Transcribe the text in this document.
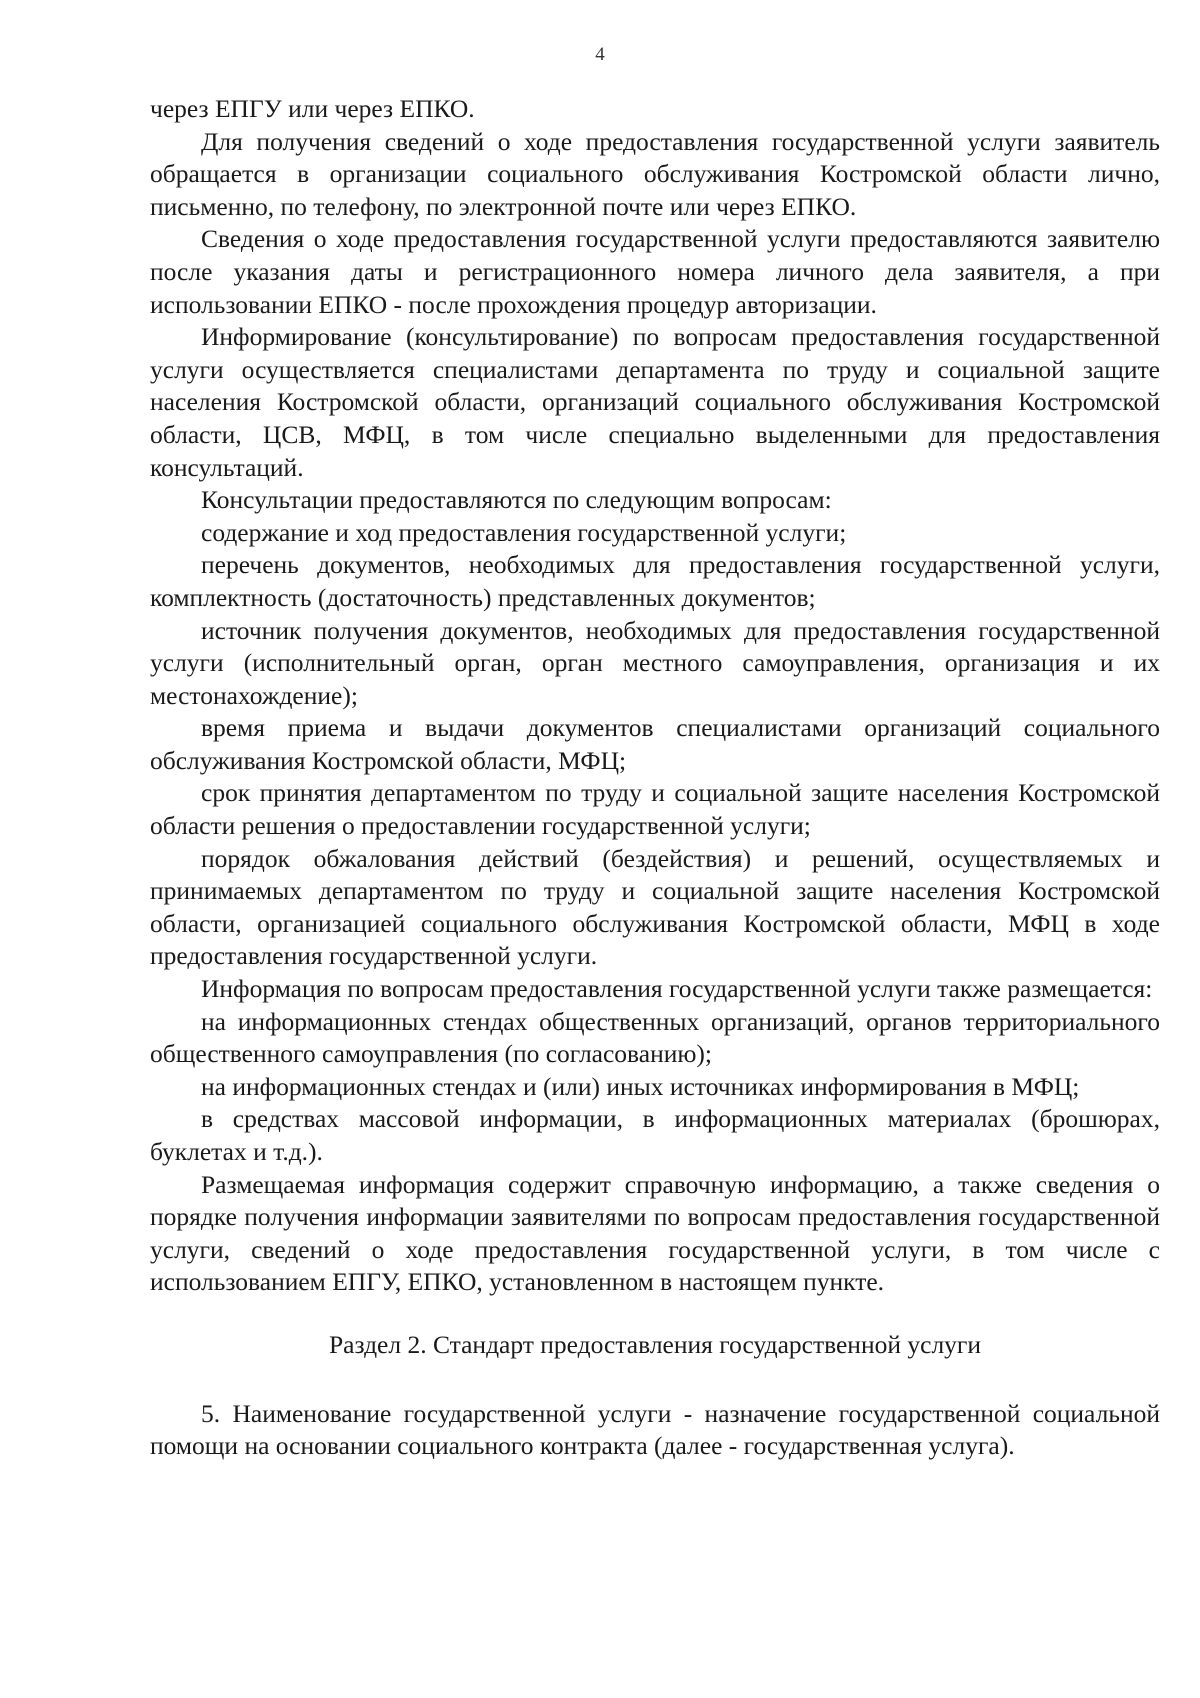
4

через ЕПГУ или через ЕПКО.

Для получения сведений о ходе предоставления государственной услуги заявитель обращается в организации социального обслуживания Костромской области лично, письменно, по телефону, по электронной почте или через ЕПКО.

Сведения о ходе предоставления государственной услуги предоставляются заявителю после указания даты и регистрационного номера личного дела заявителя, а при использовании ЕПКО - после прохождения процедур авторизации.

Информирование (консультирование) по вопросам предоставления государственной услуги осуществляется специалистами департамента по труду и социальной защите населения Костромской области, организаций социального обслуживания Костромской области, ЦСВ, МФЦ, в том числе специально выделенными для предоставления консультаций.

Консультации предоставляются по следующим вопросам:

содержание и ход предоставления государственной услуги;

перечень документов, необходимых для предоставления государственной услуги, комплектность (достаточность) представленных документов;

источник получения документов, необходимых для предоставления государственной услуги (исполнительный орган, орган местного самоуправления, организация и их местонахождение);

время приема и выдачи документов специалистами организаций социального обслуживания Костромской области, МФЦ;

срок принятия департаментом по труду и социальной защите населения Костромской области решения о предоставлении государственной услуги;

порядок обжалования действий (бездействия) и решений, осуществляемых и принимаемых департаментом по труду и социальной защите населения Костромской области, организацией социального обслуживания Костромской области, МФЦ в ходе предоставления государственной услуги.

Информация по вопросам предоставления государственной услуги также размещается:

на информационных стендах общественных организаций, органов территориального общественного самоуправления (по согласованию);

на информационных стендах и (или) иных источниках информирования в МФЦ;

в средствах массовой информации, в информационных материалах (брошюрах, буклетах и т.д.).

Размещаемая информация содержит справочную информацию, а также сведения о порядке получения информации заявителями по вопросам предоставления государственной услуги, сведений о ходе предоставления государственной услуги, в том числе с использованием ЕПГУ, ЕПКО, установленном в настоящем пункте.

Раздел 2. Стандарт предоставления государственной услуги

5. Наименование государственной услуги - назначение государственной социальной помощи на основании социального контракта (далее - государственная услуга).
